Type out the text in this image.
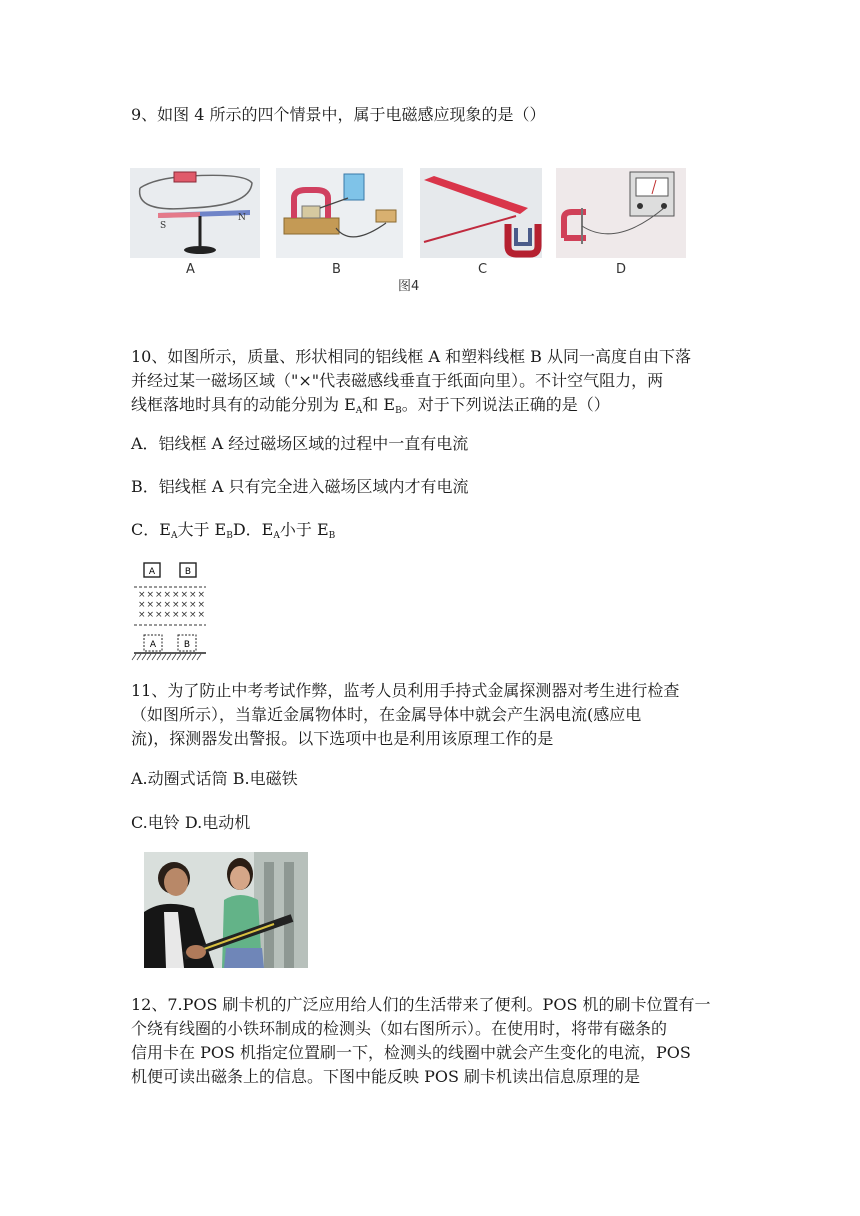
9、如图 4 所示的四个情景中，属于电磁感应现象的是（）
S
N
A	B	C	D
图4
10、如图所示，质量、形状相同的铝线框 A 和塑料线框 B 从同一高度自由下落
并经过某一磁场区域（"×"代表磁感线垂直于纸面向里）。不计空气阻力，两
线框落地时具有的动能分别为 $E_A$和 $E_B$。对于下列说法正确的是（）
A．铝线框 A 经过磁场区域的过程中一直有电流
B．铝线框 A 只有完全进入磁场区域内才有电流
C．$E_A$大于 $E_BD$．$E_A$小于 $E_B$
A	B
× × × × × × × ×
× × × × × × × ×
× × × × × × × ×
A	B
11、为了防止中考考试作弊，监考人员利用手持式金属探测器对考生进行检查
（如图所示），当靠近金属物体时，在金属导体中就会产生涡电流(感应电
流)，探测器发出警报。以下选项中也是利用该原理工作的是
A.动圈式话筒 B.电磁铁
C.电铃 D.电动机
12、7.POS 刷卡机的广泛应用给人们的生活带来了便利。POS 机的刷卡位置有一
个绕有线圈的小铁环制成的检测头（如右图所示）。在使用时，将带有磁条的
信用卡在 POS 机指定位置刷一下，检测头的线圈中就会产生变化的电流，POS
机便可读出磁条上的信息。下图中能反映 POS 刷卡机读出信息原理的是
